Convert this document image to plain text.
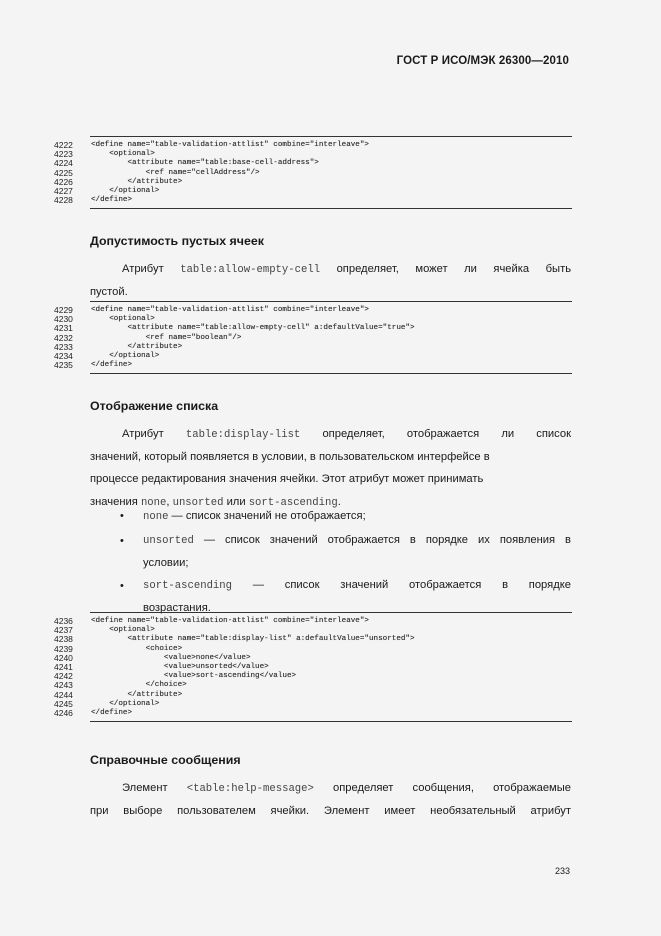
ГОСТ Р ИСО/МЭК 26300—2010
4222	<define name="table-validation-attlist" combine="interleave">
4223	<optional>
4224	<attribute name="table:base-cell-address">
4225	<ref name="cellAddress"/>
4226	</attribute>
4227	</optional>
4228	</define>
Допустимость пустых ячеек
Атрибут table:allow-empty-cell определяет, может ли ячейка быть
пустой.
4229	<define name="table-validation-attlist" combine="interleave">
4230	<optional>
4231	<attribute name="table:allow-empty-cell" a:defaultValue="true">
4232	<ref name="boolean"/>
4233	</attribute>
4234	</optional>
4235	</define>
Отображение списка
Атрибут table:display-list определяет, отображается ли список
значений, который появляется в условии, в пользовательском интерфейсе в
процессе редактирования значения ячейки. Этот атрибут может принимать
значения none, unsorted или sort-ascending.
• none — список значений не отображается;
• unsorted — список значений отображается в порядке их появления в
условии;
• sort-ascending — список значений отображается в порядке
возрастания.
4236	<define name="table-validation-attlist" combine="interleave">
4237	<optional>
4238	<attribute name="table:display-list" a:defaultValue="unsorted">
4239	<choice>
4240	<value>none</value>
4241	<value>unsorted</value>
4242	<value>sort-ascending</value>
4243	</choice>
4244	</attribute>
4245	</optional>
4246	</define>
Справочные сообщения
Элемент <table:help-message> определяет сообщения, отображаемые
при выборе пользователем ячейки. Элемент имеет необязательный атрибут
233
